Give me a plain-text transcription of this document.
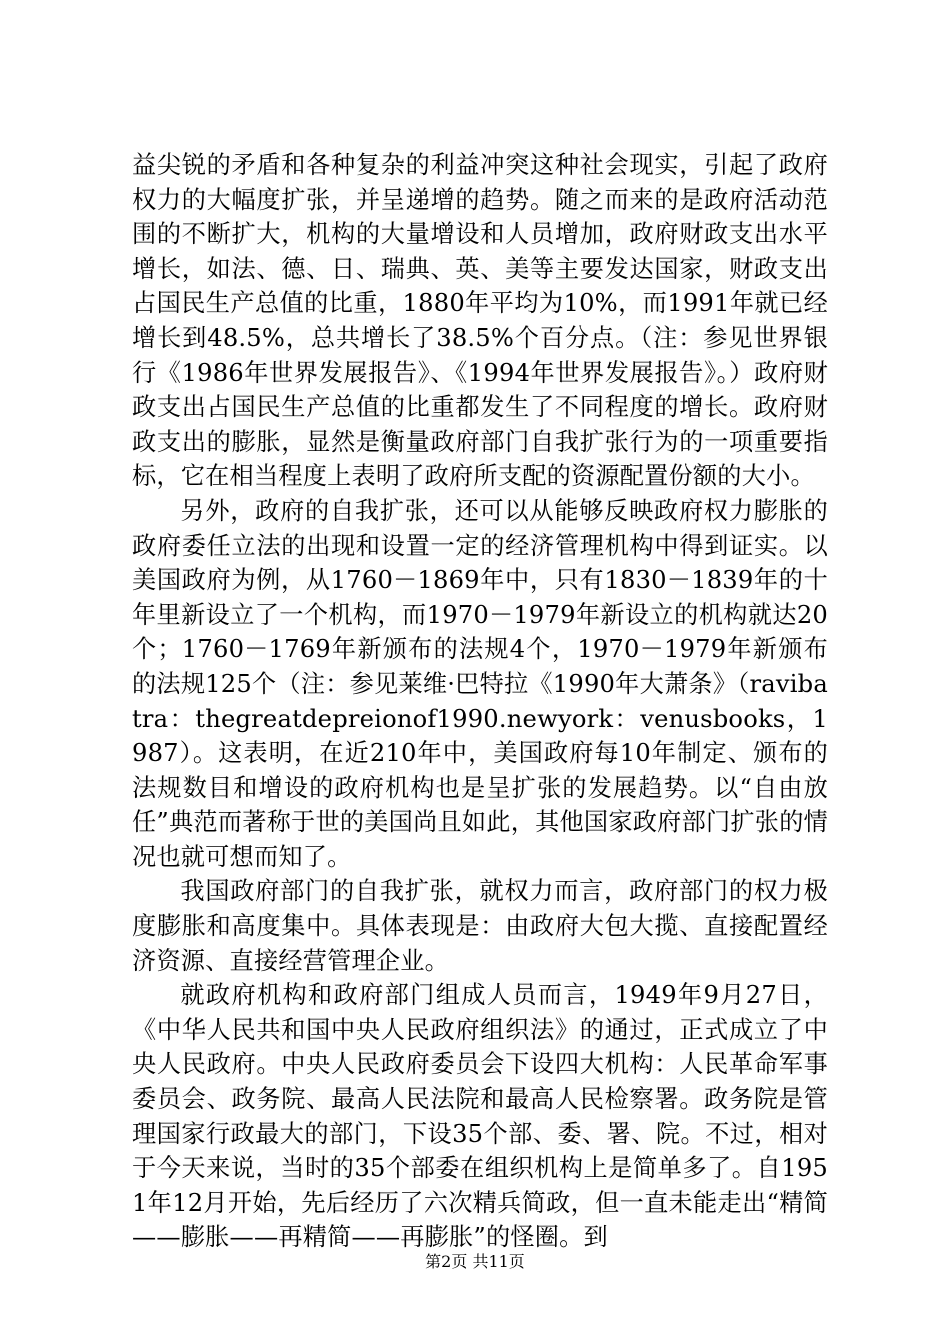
益尖锐的矛盾和各种复杂的利益冲突这种社会现实，引起了政府权力的大幅度扩张，并呈递增的趋势。随之而来的是政府活动范围的不断扩大，机构的大量增设和人员增加，政府财政支出水平增长，如法、德、日、瑞典、英、美等主要发达国家，财政支出占国民生产总值的比重，1880年平均为10%，而1991年就已经增长到48.5%，总共增长了38.5%个百分点。（注：参见世界银行《1986年世界发展报告》、《1994年世界发展报告》。）政府财政支出占国民生产总值的比重都发生了不同程度的增长。政府财政支出的膨胀，显然是衡量政府部门自我扩张行为的一项重要指标，它在相当程度上表明了政府所支配的资源配置份额的大小。

另外，政府的自我扩张，还可以从能够反映政府权力膨胀的政府委任立法的出现和设置一定的经济管理机构中得到证实。以美国政府为例，从1760－1869年中，只有1830－1839年的十年里新设立了一个机构，而1970－1979年新设立的机构就达20个；1760－1769年新颁布的法规4个，1970－1979年新颁布的法规125个（注：参见莱维·巴特拉《1990年大萧条》（ravibatra：thegreatdepreionof1990.newyork：venusbooks，1987）。这表明，在近210年中，美国政府每10年制定、颁布的法规数目和增设的政府机构也是呈扩张的发展趋势。以“自由放任”典范而著称于世的美国尚且如此，其他国家政府部门扩张的情况也就可想而知了。

我国政府部门的自我扩张，就权力而言，政府部门的权力极度膨胀和高度集中。具体表现是：由政府大包大揽、直接配置经济资源、直接经营管理企业。

就政府机构和政府部门组成人员而言，1949年9月27日，《中华人民共和国中央人民政府组织法》的通过，正式成立了中央人民政府。中央人民政府委员会下设四大机构：人民革命军事委员会、政务院、最高人民法院和最高人民检察署。政务院是管理国家行政最大的部门，下设35个部、委、署、院。不过，相对于今天来说，当时的35个部委在组织机构上是简单多了。自1951年12月开始，先后经历了六次精兵简政，但一直未能走出“精简——膨胀——再精简——再膨胀”的怪圈。到

第2页 共11页
